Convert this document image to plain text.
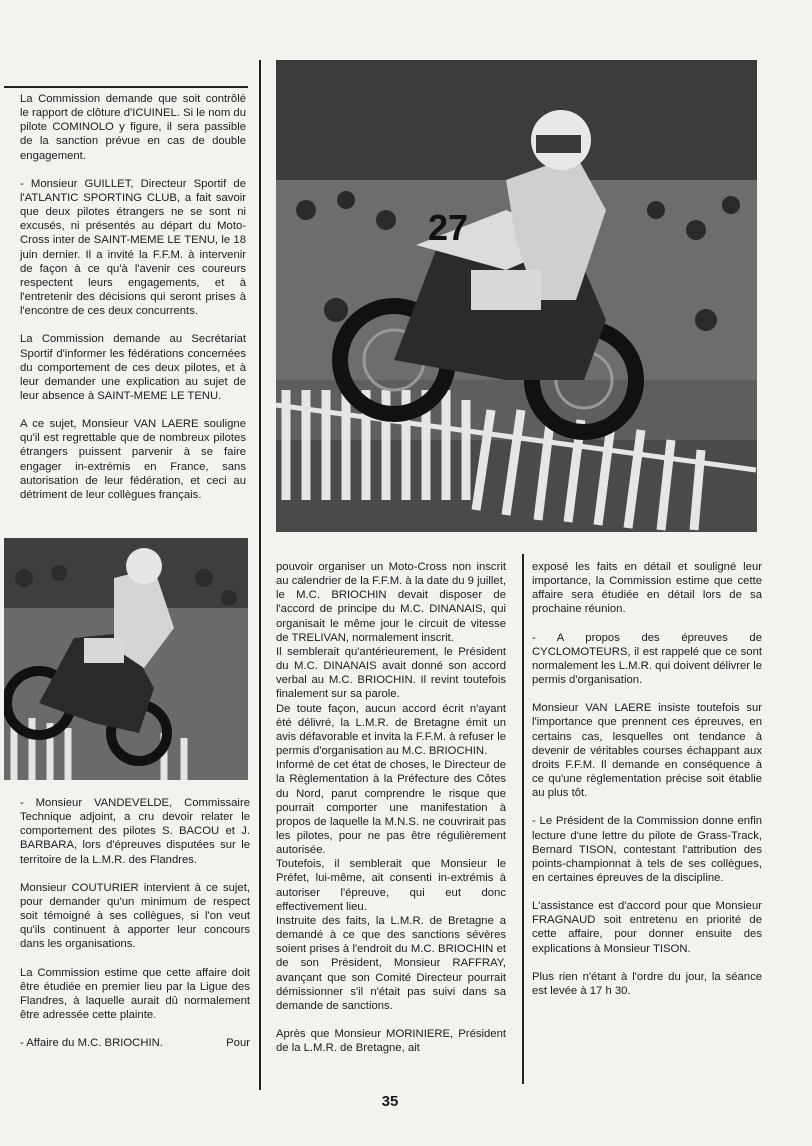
27

La Commission demande que soit contrôlé le rapport de clôture d'ICUINEL. Si le nom du pilote COMINOLO y figure, il sera passible de la sanction prévue en cas de double engagement.

- Monsieur GUILLET, Directeur Sportif de l'ATLANTIC SPORTING CLUB, a fait savoir que deux pilotes étrangers ne se sont ni excusés, ni présentés au départ du Moto-Cross inter de SAINT-MEME LE TENU, le 18 juin dernier. Il a invité la F.F.M. à intervenir de façon à ce qu'à l'avenir ces coureurs respectent leurs engagements, et à l'entretenir des décisions qui seront prises à l'encontre de ces deux concurrents.

La Commission demande au Secrétariat Sportif d'informer les fédérations concernées du comportement de ces deux pilotes, et à leur demander une explication au sujet de leur absence à SAINT-MEME LE TENU.

A ce sujet, Monsieur VAN LAERE souligne qu'il est regrettable que de nombreux pilotes étrangers puissent parvenir à se faire engager in-extrémis en France, sans autorisation de leur fédération, et ceci au détriment de leur collègues français.

- Monsieur VANDEVELDE, Commissaire Technique adjoint, a cru devoir relater le comportement des pilotes S. BACOU et J. BARBARA, lors d'épreuves disputées sur le territoire de la L.M.R. des Flandres.

Monsieur COUTURIER intervient à ce sujet, pour demander qu'un minimum de respect soit témoigné à ses collègues, si l'on veut qu'ils continuent à apporter leur concours dans les organisations.

La Commission estime que cette affaire doit être étudiée en premier lieu par la Ligue des Flandres, à laquelle aurait dû normalement être adressée cette plainte.

- Affaire du M.C. BRIOCHIN.	Pour

pouvoir organiser un Moto-Cross non inscrit au calendrier de la F.F.M. à la date du 9 juillet, le M.C. BRIOCHIN devait disposer de l'accord de principe du M.C. DINANAIS, qui organisait le même jour le circuit de vitesse de TRELIVAN, normalement inscrit.

Il semblerait qu'antérieurement, le Président du M.C. DINANAIS avait donné son accord verbal au M.C. BRIOCHIN. Il revint toutefois finalement sur sa parole.

De toute façon, aucun accord écrit n'ayant été délivré, la L.M.R. de Bretagne émit un avis défavorable et invita la F.F.M. à refuser le permis d'organisation au M.C. BRIOCHIN.

Informé de cet état de choses, le Directeur de la Règlementation à la Préfecture des Côtes du Nord, parut comprendre le risque que pourrait comporter une manifestation à propos de laquelle la M.N.S. ne couvrirait pas les pilotes, pour ne pas être régulièrement autorisée.

Toutefois, il semblerait que Monsieur le Préfet, lui-même, ait consenti in-extrémis à autoriser l'épreuve, qui eut donc effectivement lieu.

Instruite des faits, la L.M.R. de Bretagne a demandé à ce que des sanctions sévères soient prises à l'endroit du M.C. BRIOCHIN et de son Président, Monsieur RAFFRAY, avançant que son Comité Directeur pourrait démissionner s'il n'était pas suivi dans sa demande de sanctions.

Après que Monsieur MORINIERE, Président de la L.M.R. de Bretagne, ait

exposé les faits en détail et souligné leur importance, la Commission estime que cette affaire sera étudiée en détail lors de sa prochaine réunion.

- A propos des épreuves de CYCLOMOTEURS, il est rappelé que ce sont normalement les L.M.R. qui doivent délivrer le permis d'organisation.

Monsieur VAN LAERE insiste toutefois sur l'importance que prennent ces épreuves, en certains cas, lesquelles ont tendance à devenir de véritables courses échappant aux droits F.F.M. Il demande en conséquence à ce qu'une règlementation précise soit établie au plus tôt.

- Le Président de la Commission donne enfin lecture d'une lettre du pilote de Grass-Track, Bernard TISON, contestant l'attribution des points-championnat à tels de ses collègues, en certaines épreuves de la discipline.

L'assistance est d'accord pour que Monsieur FRAGNAUD soit entretenu en priorité de cette affaire, pour donner ensuite des explications à Monsieur TISON.

Plus rien n'étant à l'ordre du jour, la séance est levée à 17 h 30.

35
